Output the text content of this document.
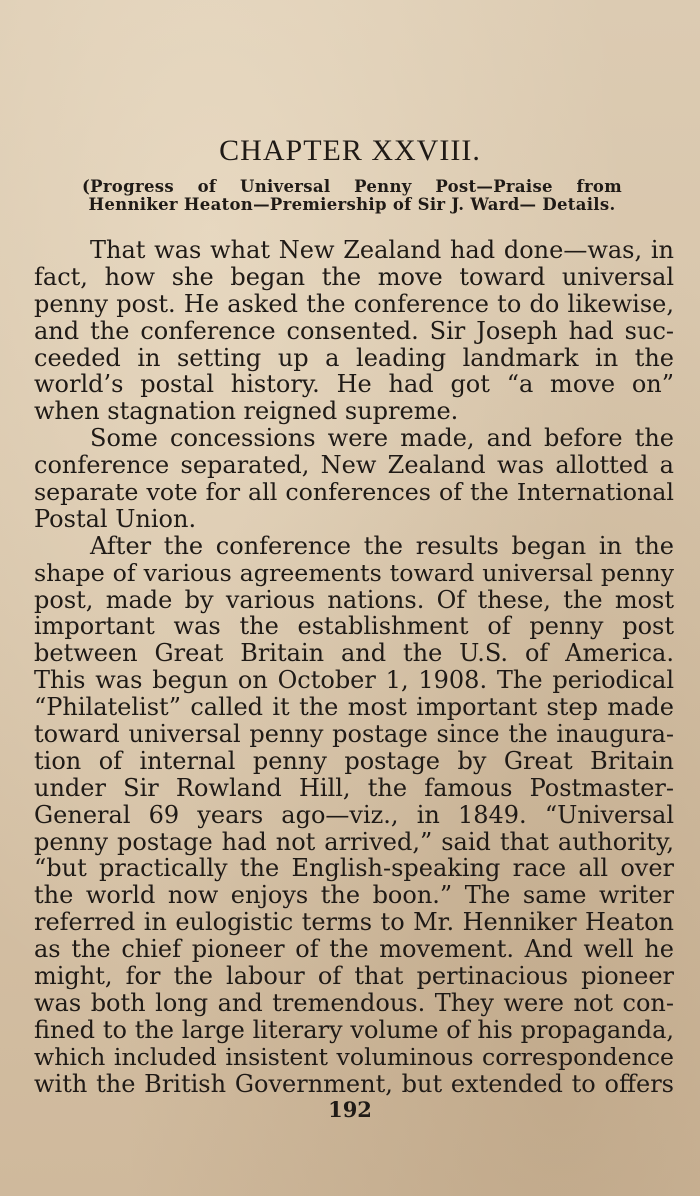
CHAPTER XXVIII.

(Progress of Universal Penny Post—Praise from Henniker Heaton—Premiership of Sir J. Ward— Details.

That was what New Zealand had done—was, in
fact, how she began the move toward universal
penny post. He asked the conference to do likewise,
and the conference consented. Sir Joseph had suc-
ceeded in setting up a leading landmark in the
world’s postal history. He had got “a move on”
when stagnation reigned supreme.
Some concessions were made, and before the
conference separated, New Zealand was allotted a
separate vote for all conferences of the International
Postal Union.
After the conference the results began in the
shape of various agreements toward universal penny
post, made by various nations. Of these, the most
important was the establishment of penny post
between Great Britain and the U.S. of America.
This was begun on October 1, 1908. The periodical
“Philatelist” called it the most important step made
toward universal penny postage since the inaugura-
tion of internal penny postage by Great Britain
under Sir Rowland Hill, the famous Postmaster-
General 69 years ago—viz., in 1849. “Universal
penny postage had not arrived,” said that authority,
“but practically the English-speaking race all over
the world now enjoys the boon.” The same writer
referred in eulogistic terms to Mr. Henniker Heaton
as the chief pioneer of the movement. And well he
might, for the labour of that pertinacious pioneer
was both long and tremendous. They were not con-
fined to the large literary volume of his propaganda,
which included insistent voluminous correspondence
with the British Government, but extended to offers

192
